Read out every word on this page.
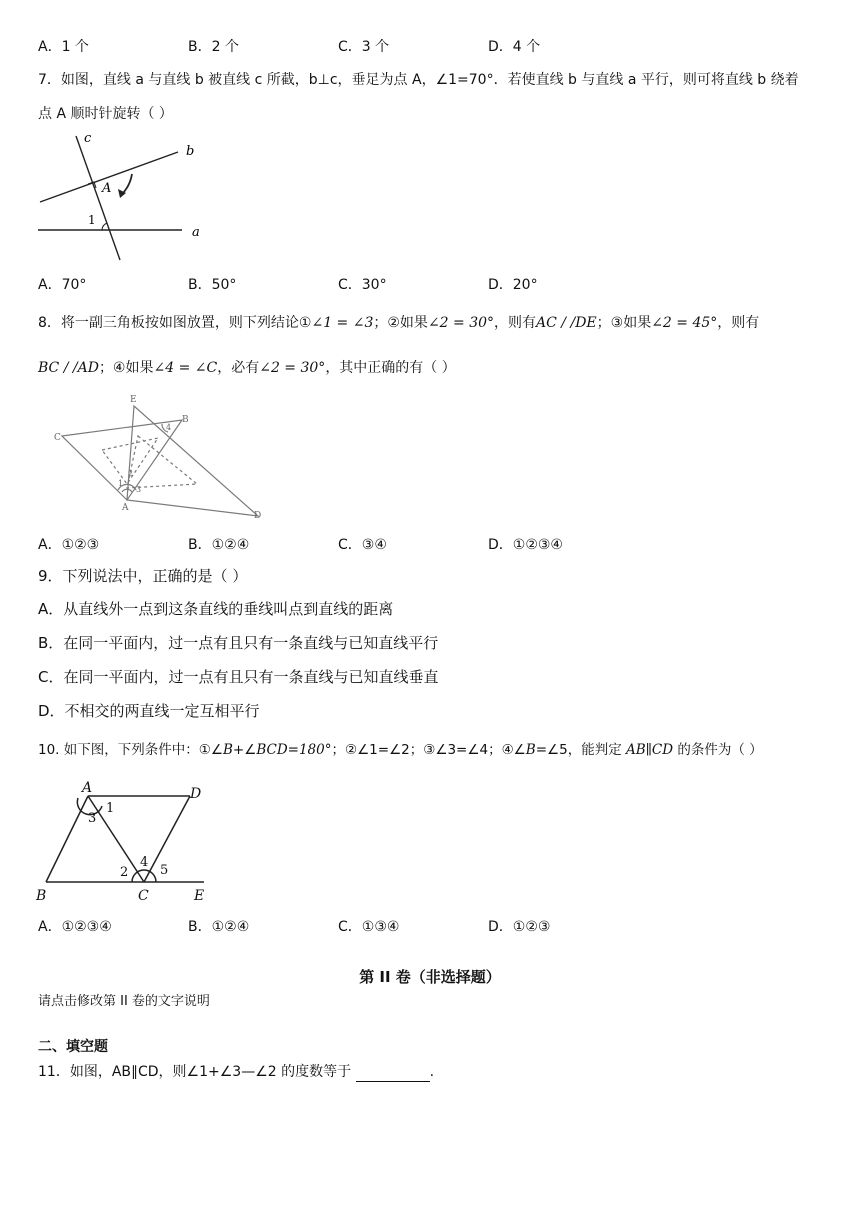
A．1 个	B．2 个	C．3 个	D．4 个
7．如图，直线 a 与直线 b 被直线 c 所截，b⊥c，垂足为点 A，∠1=70°．若使直线 b 与直线 a 平行，则可将直线 b 绕着
点 A 顺时针旋转（ ）
c
b
a
A
1
A．70°	B．50°	C．30°	D．20°
8．将一副三角板按如图放置，则下列结论①∠1 = ∠3；②如果∠2 = 30°，则有AC / /DE；③如果∠2 = 45°，则有
BC / /AD；④如果∠4 = ∠C，必有∠2 = 30°，其中正确的有（ ）
E
B
C
A
D
1
2
3
4
A．①②③	B．①②④	C．③④	D．①②③④
9．下列说法中，正确的是（ ）
A．从直线外一点到这条直线的垂线叫点到直线的距离
B．在同一平面内，过一点有且只有一条直线与已知直线平行
C．在同一平面内，过一点有且只有一条直线与已知直线垂直
D．不相交的两直线一定互相平行
10. 如下图，下列条件中：①∠B+∠BCD=180°；②∠1=∠2；③∠3=∠4；④∠B=∠5，能判定 AB∥CD 的条件为（ ）
A	D
B	C	E
1
3
2
4
5
A．①②③④	B．①②④	C．①③④	D．①②③
第 II 卷（非选择题）
请点击修改第 II 卷的文字说明
二、填空题
11．如图，AB∥CD，则∠1+∠3—∠2 的度数等于	.
